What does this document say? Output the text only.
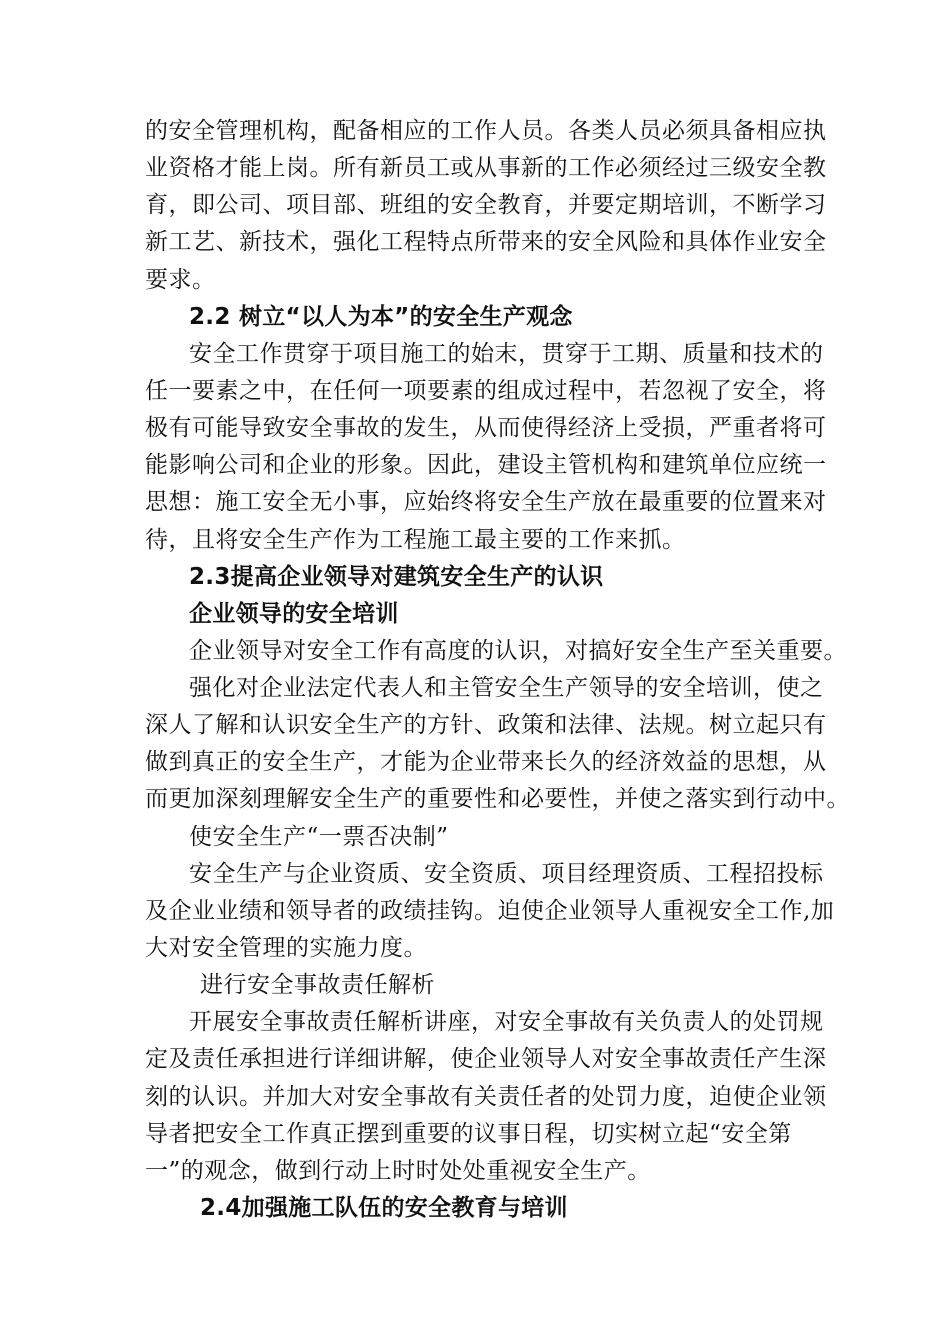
的安全管理机构，配备相应的工作人员。各类人员必须具备相应执
业资格才能上岗。所有新员工或从事新的工作必须经过三级安全教
育，即公司、项目部、班组的安全教育，并要定期培训，不断学习
新工艺、新技术，强化工程特点所带来的安全风险和具体作业安全
要求。
2.2 树立“以人为本”的安全生产观念
安全工作贯穿于项目施工的始末，贯穿于工期、质量和技术的
任一要素之中，在任何一项要素的组成过程中，若忽视了安全，将
极有可能导致安全事故的发生，从而使得经济上受损，严重者将可
能影响公司和企业的形象。因此，建设主管机构和建筑单位应统一
思想：施工安全无小事，应始终将安全生产放在最重要的位置来对
待，且将安全生产作为工程施工最主要的工作来抓。
2.3提高企业领导对建筑安全生产的认识
企业领导的安全培训
企业领导对安全工作有高度的认识，对搞好安全生产至关重要。
强化对企业法定代表人和主管安全生产领导的安全培训，使之
深人了解和认识安全生产的方针、政策和法律、法规。树立起只有
做到真正的安全生产，才能为企业带来长久的经济效益的思想，从
而更加深刻理解安全生产的重要性和必要性，并使之落实到行动中。
使安全生产“一票否决制”
安全生产与企业资质、安全资质、项目经理资质、工程招投标
及企业业绩和领导者的政绩挂钩。迫使企业领导人重视安全工作,加
大对安全管理的实施力度。
进行安全事故责任解析
开展安全事故责任解析讲座，对安全事故有关负责人的处罚规
定及责任承担进行详细讲解，使企业领导人对安全事故责任产生深
刻的认识。并加大对安全事故有关责任者的处罚力度，迫使企业领
导者把安全工作真正摆到重要的议事日程，切实树立起“安全第
一”的观念，做到行动上时时处处重视安全生产。
2.4加强施工队伍的安全教育与培训
